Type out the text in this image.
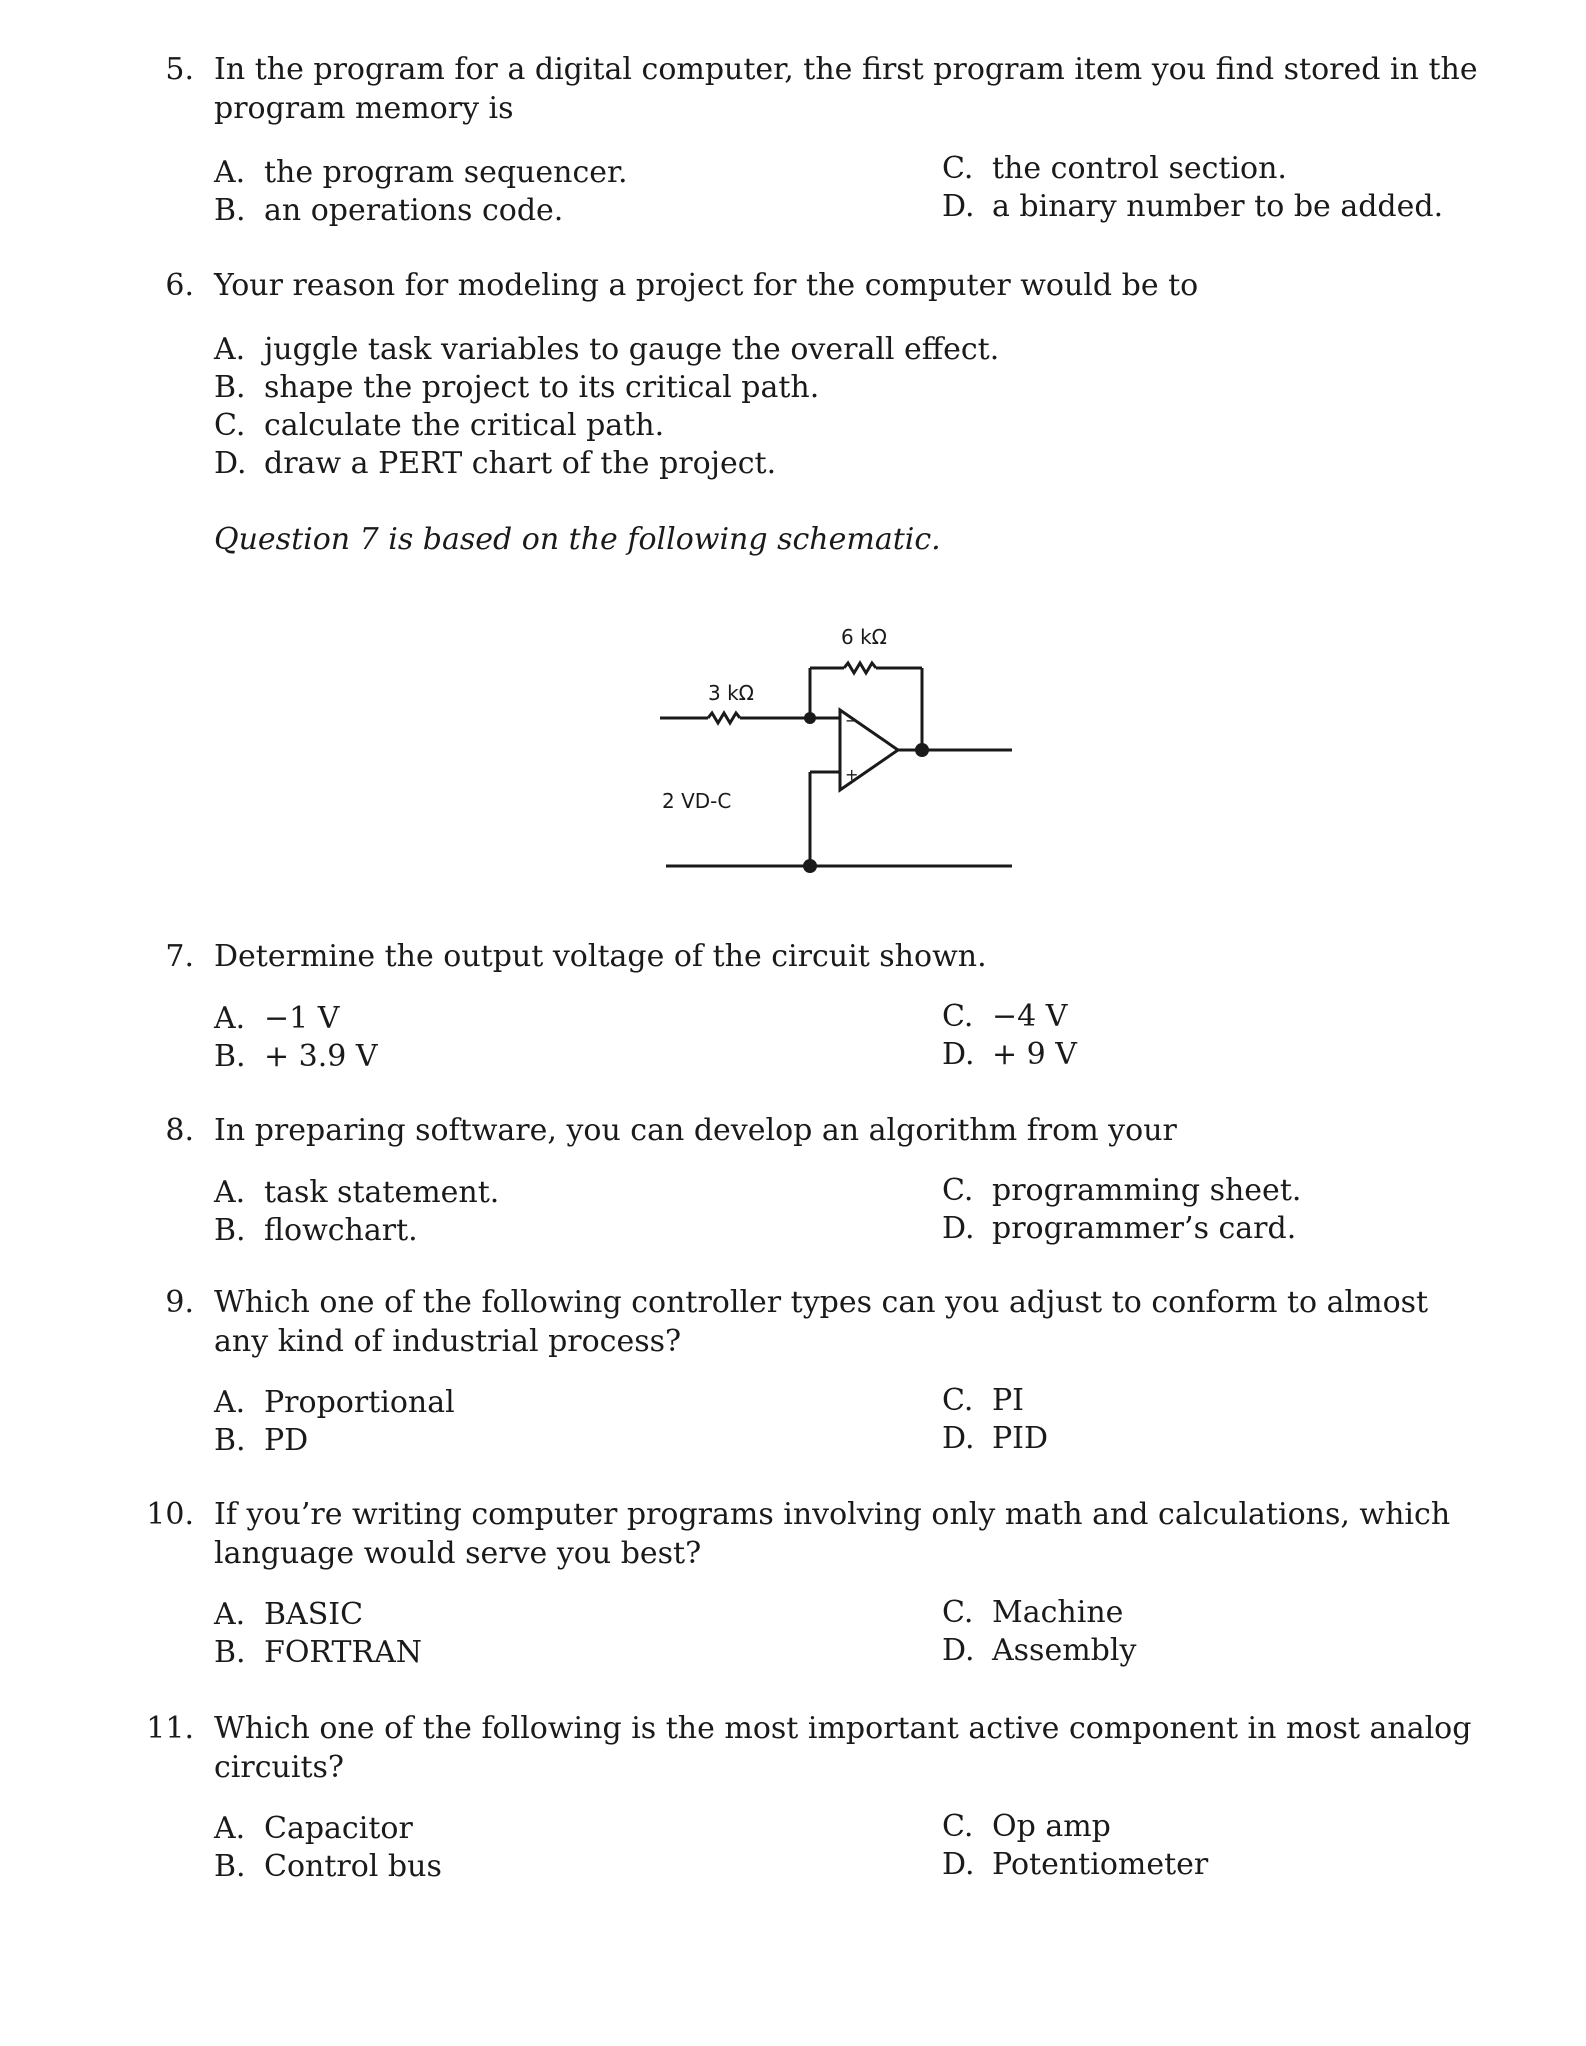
5. In the program for a digital computer, the first program item you find stored in the
program memory is
A. the program sequencer.
B. an operations code.
C. the control section.
D. a binary number to be added.
6. Your reason for modeling a project for the computer would be to
A. juggle task variables to gauge the overall effect.
B. shape the project to its critical path.
C. calculate the critical path.
D. draw a PERT chart of the project.
Question 7 is based on the following schematic.
6 kΩ
3 kΩ
2 VD-C
−
+
7. Determine the output voltage of the circuit shown.
A. −1 V
B. + 3.9 V
C. −4 V
D. + 9 V
8. In preparing software, you can develop an algorithm from your
A. task statement.
B. flowchart.
C. programming sheet.
D. programmer’s card.
9. Which one of the following controller types can you adjust to conform to almost
any kind of industrial process?
A. Proportional
B. PD
C. PI
D. PID
10. If you’re writing computer programs involving only math and calculations, which
language would serve you best?
A. BASIC
B. FORTRAN
C. Machine
D. Assembly
11. Which one of the following is the most important active component in most analog
circuits?
A. Capacitor
B. Control bus
C. Op amp
D. Potentiometer
